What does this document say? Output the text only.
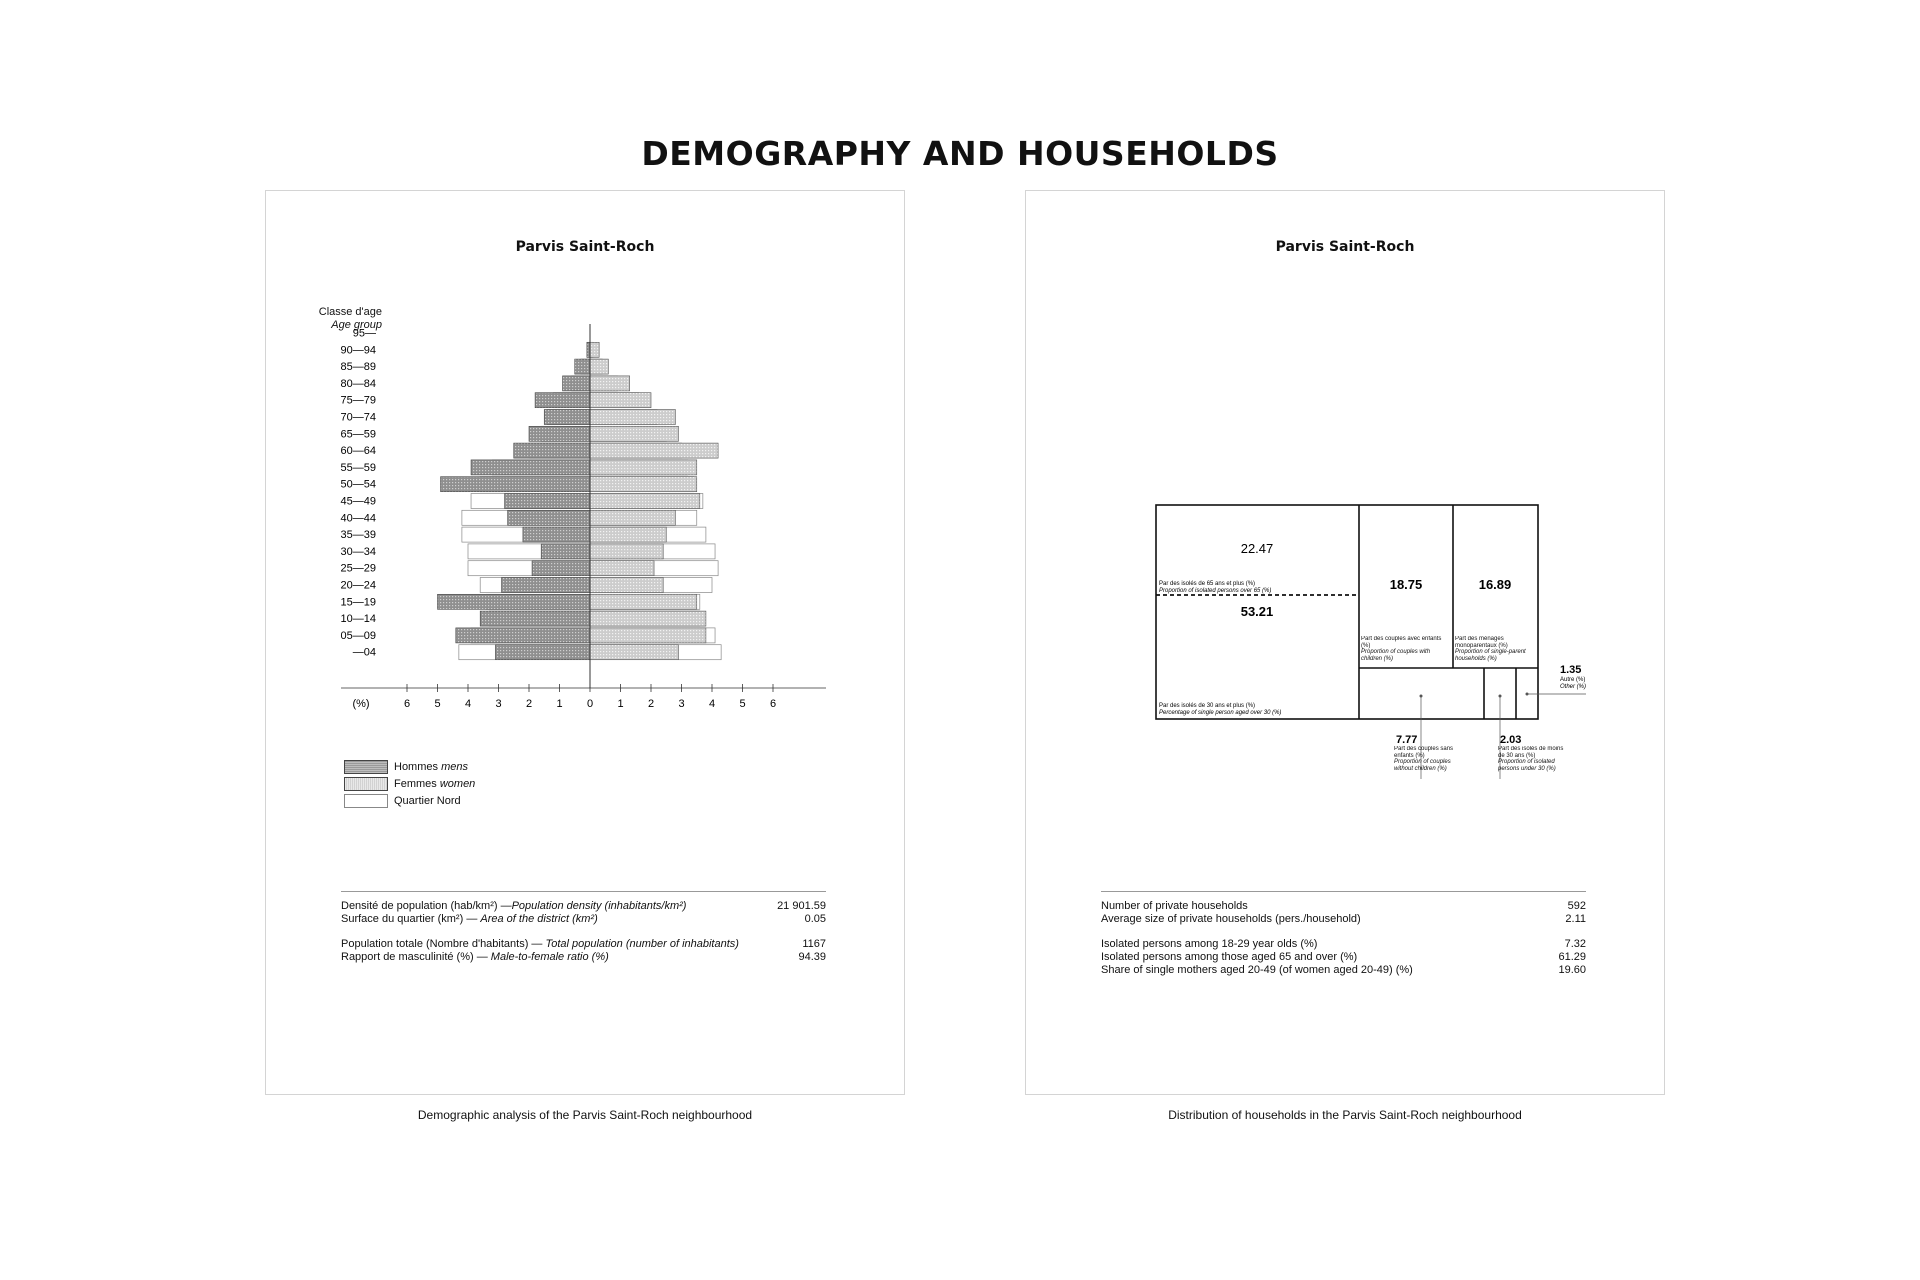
DEMOGRAPHY AND HOUSEHOLDS
Parvis Saint-Roch
Classe d'age
Age group
95—
90—94
85—89
80—84
75—79
70—74
65—59
60—64
55—59
50—54
45—49
40—44
35—39
30—34
25—29
20—24
15—19
10—14
05—09
—04
(%)	6 5 4 3 2 1 0 1 2 3 4 5 6
Hommes
mens
Femmes
women
Quartier Nord
Densité de population (hab/km²) —Population density (inhabitants/km²)	21 901.59
Surface du quartier (km²) — Area of the district (km²)	0.05
Population totale (Nombre d'habitants) — Total population (number of inhabitants)	1167
Rapport de masculinité (%) — Male-to-female ratio (%)	94.39
Parvis Saint-Roch
22.47
Par des isolés de 65 ans et plus (%)
Proportion of isolated persons over 65 (%)
53.21
Par des isolés de 30 ans et plus (%)
Percentage of single person aged over 30 (%)
18.75
Part des couples avec enfants (%)
Proportion of couples with children (%)
16.89
Part des ménages monoparentaux (%)
Proportion of single-parent households (%)
7.77
Part des couples sans enfants (%)
Proportion of couples without children (%)
2.03
Part des isolés de moins de 30 ans (%)
Proportion of isolated persons under 30 (%)
1.35
Autre (%)
Other (%)
Number of private households	592
Average size of private households (pers./household)	2.11
Isolated persons among 18-29 year olds (%)	7.32
Isolated persons among those aged 65 and over (%)	61.29
Share of single mothers aged 20-49 (of women aged 20-49) (%)	19.60
Demographic analysis of the Parvis Saint-Roch neighbourhood	Distribution of households in the Parvis Saint-Roch neighbourhood
